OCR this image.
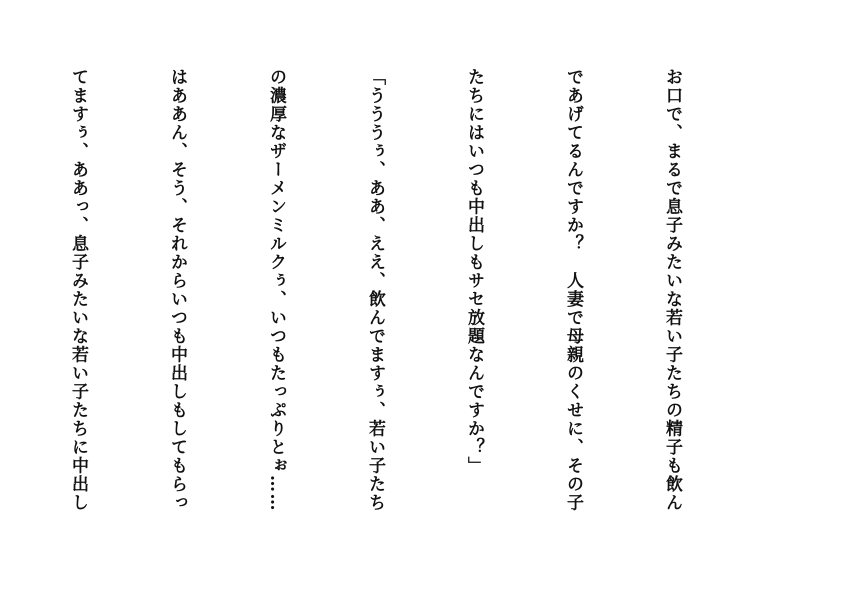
お口で、まるで息子みたいな若い子たちの精子も飲ん

であげてるんですか？　人妻で母親のくせに、その子

たちにはいつも中出しもサセ放題なんですか？」

「うううぅ、ああ、ええ、飲んでますぅ、若い子たち

の濃厚なザーメンミルクぅ、いつもたっぷりとぉ……

はああん、そう、それからいつも中出しもしてもらっ

てますぅ、ああっ、息子みたいな若い子たちに中出し
